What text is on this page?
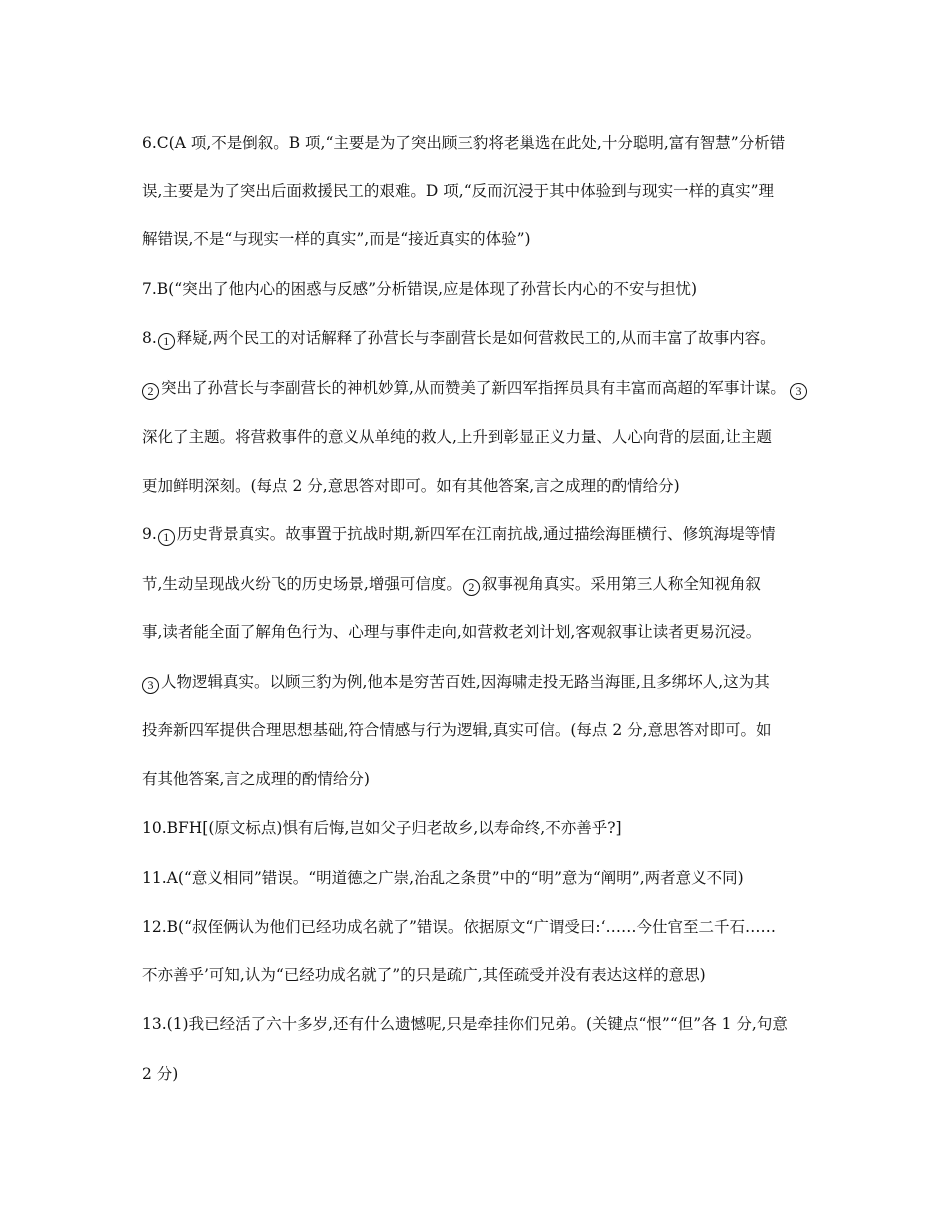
6.C(A 项,不是倒叙。B 项,“主要是为了突出顾三豹将老巢选在此处,十分聪明,富有智慧”分析错
误,主要是为了突出后面救援民工的艰难。D 项,“反而沉浸于其中体验到与现实一样的真实”理
解错误,不是“与现实一样的真实”,而是“接近真实的体验”)
7.B(“突出了他内心的困惑与反感”分析错误,应是体现了孙营长内心的不安与担忧)
8. 1 释疑,两个民工的对话解释了孙营长与李副营长是如何营救民工的,从而丰富了故事内容。
2 突出了孙营长与李副营长的神机妙算,从而赞美了新四军指挥员具有丰富而高超的军事计谋。 3
深化了主题。将营救事件的意义从单纯的救人,上升到彰显正义力量、人心向背的层面,让主题
更加鲜明深刻。(每点 2 分,意思答对即可。如有其他答案,言之成理的酌情给分)
9. 1 历史背景真实。故事置于抗战时期,新四军在江南抗战,通过描绘海匪横行、修筑海堤等情
节,生动呈现战火纷飞的历史场景,增强可信度。 2 叙事视角真实。采用第三人称全知视角叙
事,读者能全面了解角色行为、心理与事件走向,如营救老刘计划,客观叙事让读者更易沉浸。
3 人物逻辑真实。以顾三豹为例,他本是穷苦百姓,因海啸走投无路当海匪,且多绑坏人,这为其
投奔新四军提供合理思想基础,符合情感与行为逻辑,真实可信。(每点 2 分,意思答对即可。如
有其他答案,言之成理的酌情给分)
10.BFH[(原文标点)惧有后悔,岂如父子归老故乡,以寿命终,不亦善乎?]
11.A(“意义相同”错误。“明道德之广崇,治乱之条贯”中的“明”意为“阐明”,两者意义不同)
12.B(“叔侄俩认为他们已经功成名就了”错误。依据原文“广谓受曰:‘……今仕官至二千石……
不亦善乎’可知,认为“已经功成名就了”的只是疏广,其侄疏受并没有表达这样的意思)
13.(1)我已经活了六十多岁,还有什么遗憾呢,只是牵挂你们兄弟。(关键点“恨”“但”各 1 分,句意
2 分)
